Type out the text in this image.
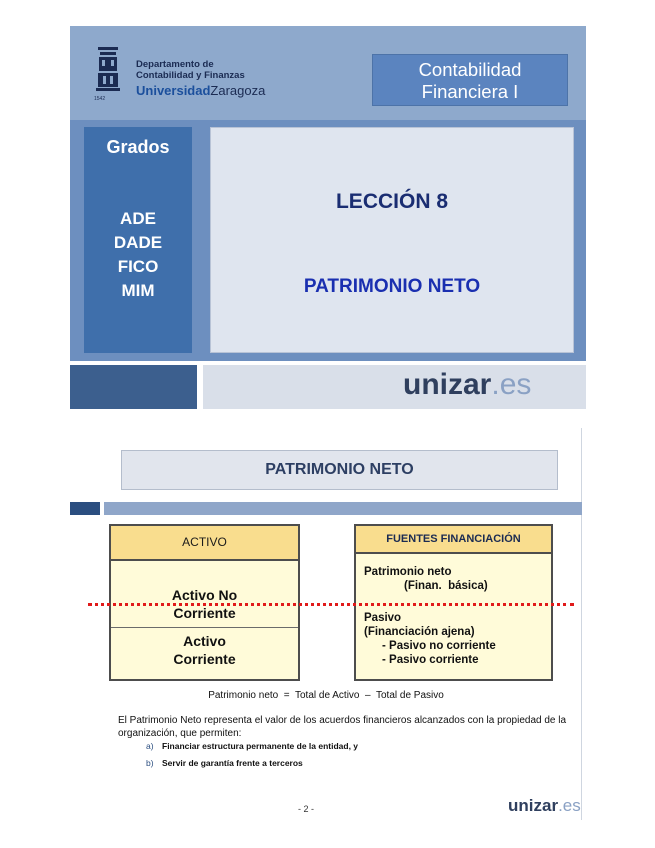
1542
Departamento de
Contabilidad y Finanzas
UniversidadZaragoza
Contabilidad
Financiera I
Grados
ADE
DADE
FICO
MIM
LECCIÓN 8
PATRIMONIO NETO
unizar.es
PATRIMONIO NETO
ACTIVO
Activo No
Corriente
Activo
Corriente
FUENTES FINANCIACIÓN
Patrimonio neto
(Finan.  básica)
Pasivo
(Financiación ajena)
- Pasivo no corriente
- Pasivo corriente
Patrimonio neto  =  Total de Activo  –  Total de Pasivo
El Patrimonio Neto representa el valor de los acuerdos financieros alcanzados con la propiedad de la organización, que permiten:
a) Financiar estructura permanente de la entidad, y
b) Servir de garantía frente a terceros
- 2 -	unizar.es
